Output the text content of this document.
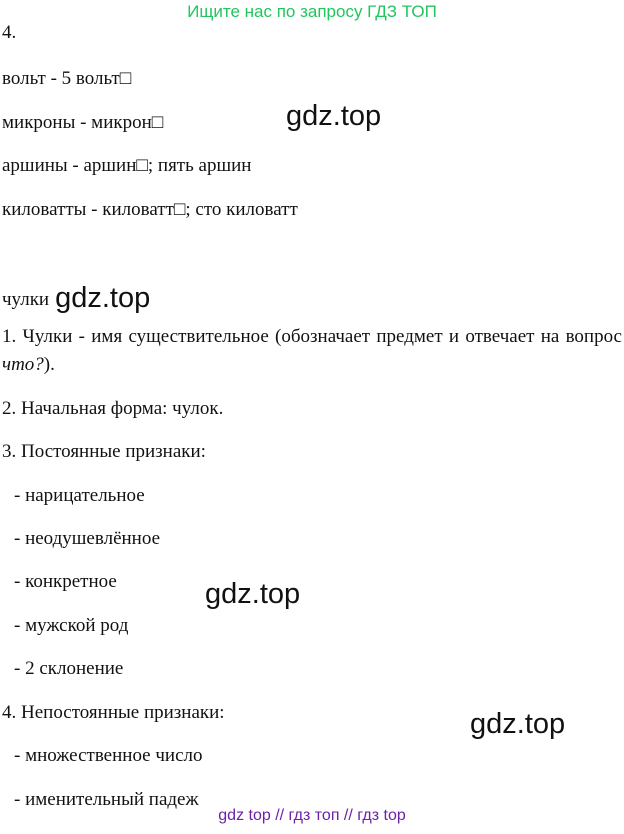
Ищите нас по запросу ГДЗ ТОП
4.
вольт - 5 вольт□
микроны - микрон□
аршины - аршин□; пять аршин
киловатты - киловатт□; сто киловатт
gdz.top
чулки gdz.top
1. Чулки - имя существительное (обозначает предмет и отвечает на вопрос что?).
2. Начальная форма: чулок.
3. Постоянные признаки:
- нарицательное
- неодушевлённое
- конкретное
- мужской род
- 2 склонение
gdz.top
4. Непостоянные признаки:	gdz.top
- множественное число
- именительный падеж
gdz top // гдз топ // гдз top
